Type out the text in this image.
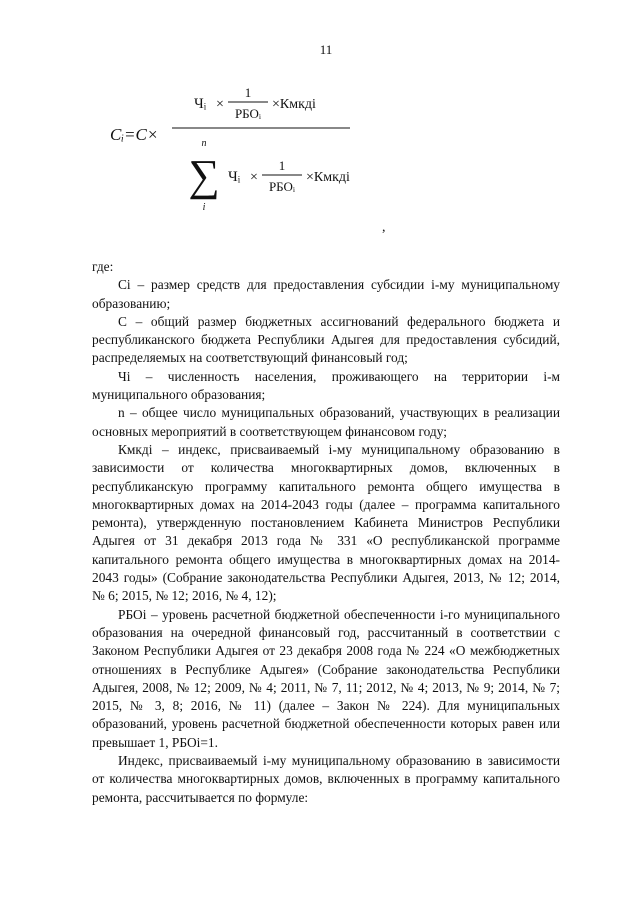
11
Cᵢ=C×
Чᵢ ×
1
РБОᵢ
×Кмкдi
n
∑
i
Чᵢ ×
1
РБОᵢ
×Кмкдi
,

где:

Ci – размер средств для предоставления субсидии i-му муниципальному образованию;

С – общий размер бюджетных ассигнований федерального бюджета и республиканского бюджета Республики Адыгея для предоставления субсидий, распределяемых на соответствующий финансовый год;

Чi – численность населения, проживающего на территории i-м муниципального образования;

n – общее число муниципальных образований, участвующих в реализации основных мероприятий в соответствующем финансовом году;

Кмкдi – индекс, присваиваемый i-му муниципальному образованию в зависимости от количества многоквартирных домов, включенных в республиканскую программу капитального ремонта общего имущества в многоквартирных домах на 2014-2043 годы (далее – программа капитального ремонта), утвержденную постановлением Кабинета Министров Республики Адыгея от 31 декабря 2013 года № 331 «О республиканской программе капитального ремонта общего имущества в многоквартирных домах на 2014-2043 годы» (Собрание законодательства Республики Адыгея, 2013, № 12; 2014, № 6; 2015, № 12; 2016, № 4, 12);

РБОi – уровень расчетной бюджетной обеспеченности i-го муниципального образования на очередной финансовый год, рассчитанный в соответствии с Законом Республики Адыгея от 23 декабря 2008 года № 224 «О межбюджетных отношениях в Республике Адыгея» (Собрание законодательства Республики Адыгея, 2008, № 12; 2009, № 4; 2011, № 7, 11; 2012, № 4; 2013, № 9; 2014, № 7; 2015, № 3, 8; 2016, № 11) (далее – Закон № 224). Для муниципальных образований, уровень расчетной бюджетной обеспеченности которых равен или превышает 1, РБОi=1.

Индекс, присваиваемый i-му муниципальному образованию в зависимости от количества многоквартирных домов, включенных в программу капитального ремонта, рассчитывается по формуле:
